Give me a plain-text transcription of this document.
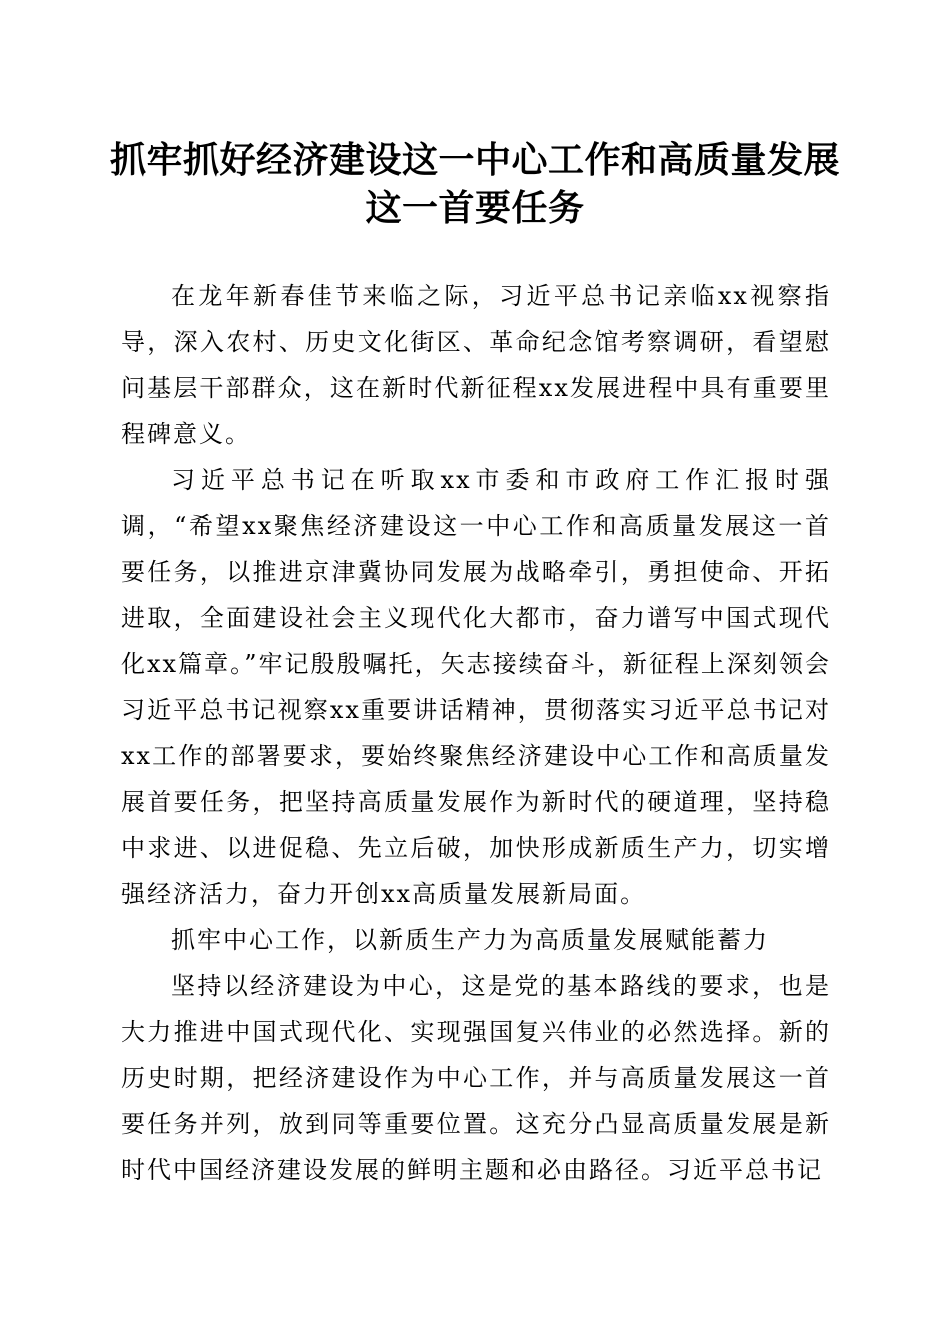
抓牢抓好经济建设这一中心工作和高质量发展
这一首要任务

在龙年新春佳节来临之际，习近平总书记亲临xx视察指导，深入农村、历史文化街区、革命纪念馆考察调研，看望慰问基层干部群众，这在新时代新征程xx发展进程中具有重要里程碑意义。

习近平总书记在听取xx市委和市政府工作汇报时强调，“希望xx聚焦经济建设这一中心工作和高质量发展这一首要任务，以推进京津冀协同发展为战略牵引，勇担使命、开拓进取，全面建设社会主义现代化大都市，奋力谱写中国式现代化xx篇章。”牢记殷殷嘱托，矢志接续奋斗，新征程上深刻领会习近平总书记视察xx重要讲话精神，贯彻落实习近平总书记对xx工作的部署要求，要始终聚焦经济建设中心工作和高质量发展首要任务，把坚持高质量发展作为新时代的硬道理，坚持稳中求进、以进促稳、先立后破，加快形成新质生产力，切实增强经济活力，奋力开创xx高质量发展新局面。

抓牢中心工作，以新质生产力为高质量发展赋能蓄力

坚持以经济建设为中心，这是党的基本路线的要求，也是大力推进中国式现代化、实现强国复兴伟业的必然选择。新的历史时期，把经济建设作为中心工作，并与高质量发展这一首要任务并列，放到同等重要位置。这充分凸显高质量发展是新时代中国经济建设发展的鲜明主题和必由路径。习近平总书记
